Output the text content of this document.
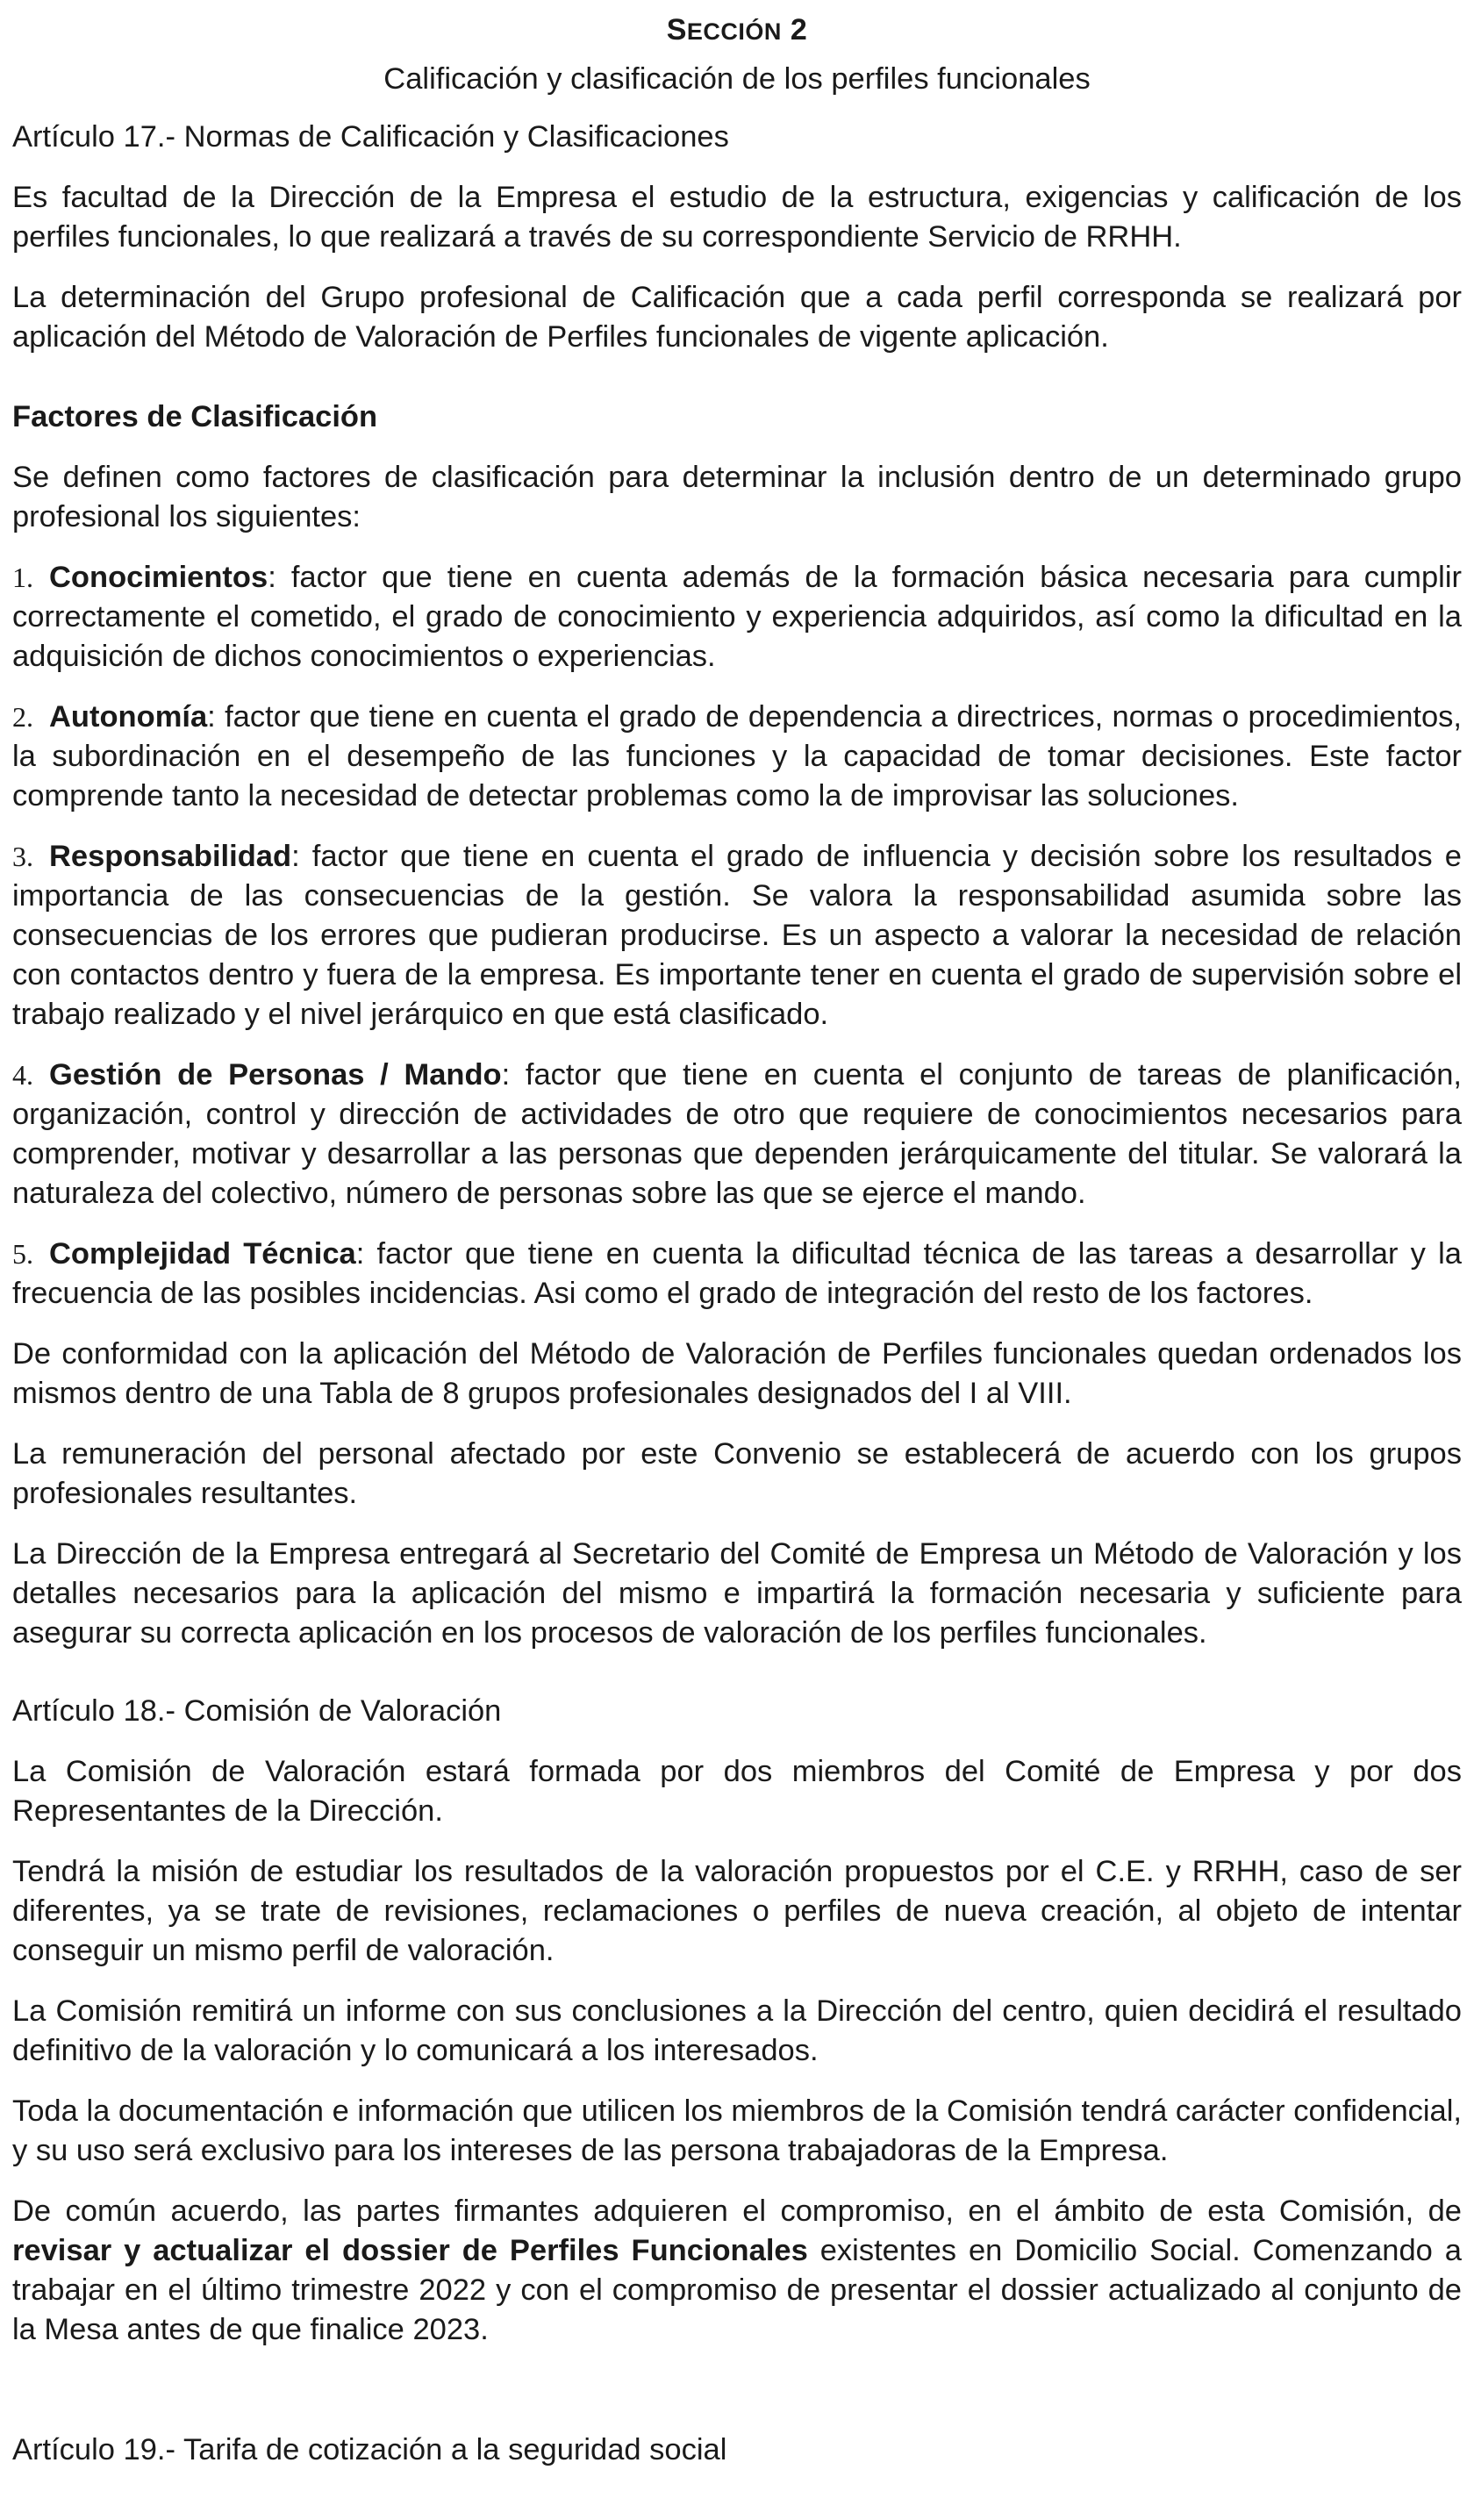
SECCIÓN 2
Calificación y clasificación de los perfiles funcionales

Artículo 17.- Normas de Calificación y Clasificaciones

Es facultad de la Dirección de la Empresa el estudio de la estructura, exigencias y calificación de los perfiles funcionales, lo que realizará a través de su correspondiente Servicio de RRHH.

La determinación del Grupo profesional de Calificación que a cada perfil corresponda se realizará por aplicación del Método de Valoración de Perfiles funcionales de vigente aplicación.

Factores de Clasificación

Se definen como factores de clasificación para determinar la inclusión dentro de un determinado grupo profesional los siguientes:

1. Conocimientos: factor que tiene en cuenta además de la formación básica necesaria para cumplir correctamente el cometido, el grado de conocimiento y experiencia adquiridos, así como la dificultad en la adquisición de dichos conocimientos o experiencias.

2. Autonomía: factor que tiene en cuenta el grado de dependencia a directrices, normas o procedimientos, la subordinación en el desempeño de las funciones y la capacidad de tomar decisiones. Este factor comprende tanto la necesidad de detectar problemas como la de improvisar las soluciones.

3. Responsabilidad: factor que tiene en cuenta el grado de influencia y decisión sobre los resultados e importancia de las consecuencias de la gestión. Se valora la responsabilidad asumida sobre las consecuencias de los errores que pudieran producirse. Es un aspecto a valorar la necesidad de relación con contactos dentro y fuera de la empresa. Es importante tener en cuenta el grado de supervisión sobre el trabajo realizado y el nivel jerárquico en que está clasificado.

4. Gestión de Personas / Mando: factor que tiene en cuenta el conjunto de tareas de planificación, organización, control y dirección de actividades de otro que requiere de conocimientos necesarios para comprender, motivar y desarrollar a las personas que dependen jerárquicamente del titular. Se valorará la naturaleza del colectivo, número de personas sobre las que se ejerce el mando.

5. Complejidad Técnica: factor que tiene en cuenta la dificultad técnica de las tareas a desarrollar y la frecuencia de las posibles incidencias. Asi como el grado de integración del resto de los factores.

De conformidad con la aplicación del Método de Valoración de Perfiles funcionales quedan ordenados los mismos dentro de una Tabla de 8 grupos profesionales designados del I al VIII.

La remuneración del personal afectado por este Convenio se establecerá de acuerdo con los grupos profesionales resultantes.

La Dirección de la Empresa entregará al Secretario del Comité de Empresa un Método de Valoración y los detalles necesarios para la aplicación del mismo e impartirá la formación necesaria y suficiente para asegurar su correcta aplicación en los procesos de valoración de los perfiles funcionales.

Artículo 18.- Comisión de Valoración

La Comisión de Valoración estará formada por dos miembros del Comité de Empresa y por dos Representantes de la Dirección.

Tendrá la misión de estudiar los resultados de la valoración propuestos por el C.E. y RRHH, caso de ser diferentes, ya se trate de revisiones, reclamaciones o perfiles de nueva creación, al objeto de intentar conseguir un mismo perfil de valoración.

La Comisión remitirá un informe con sus conclusiones a la Dirección del centro, quien decidirá el resultado definitivo de la valoración y lo comunicará a los interesados.

Toda la documentación e información que utilicen los miembros de la Comisión tendrá carácter confidencial, y su uso será exclusivo para los intereses de las persona trabajadoras de la Empresa.

De común acuerdo, las partes firmantes adquieren el compromiso, en el ámbito de esta Comisión, de revisar y actualizar el dossier de Perfiles Funcionales existentes en Domicilio Social. Comenzando a trabajar en el último trimestre 2022 y con el compromiso de presentar el dossier actualizado al conjunto de la Mesa antes de que finalice 2023.

Artículo 19.- Tarifa de cotización a la seguridad social
